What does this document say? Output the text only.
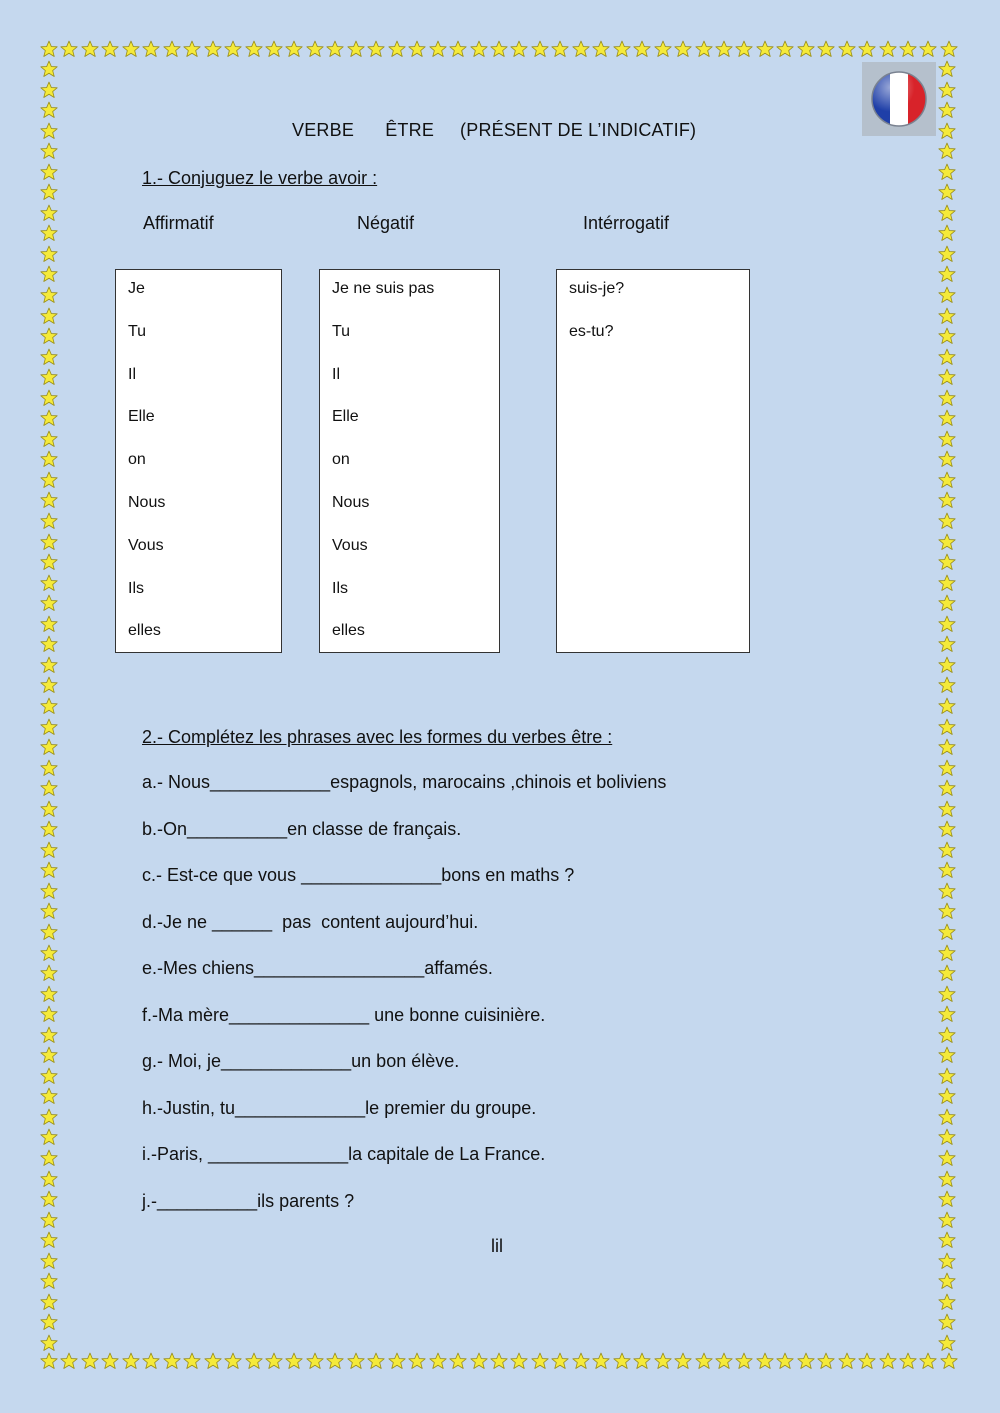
VERBE      ÊTRE     (PRÉSENT DE L’INDICATIF)
1.- Conjuguez le verbe avoir :
Affirmatif	Négatif	Intérrogatif
Je
Tu
Il
Elle
on
Nous
Vous
Ils
elles
Je ne suis pas
Tu
Il
Elle
on
Nous
Vous
Ils
elles
suis-je?
es-tu?
2.- Complétez les phrases avec les formes du verbes être :
a.- Nous____________espagnols, marocains ,chinois et boliviens
b.-On__________en classe de français.
c.- Est-ce que vous ______________bons en maths ?
d.-Je ne ______  pas  content aujourd’hui.
e.-Mes chiens_________________affamés.
f.-Ma mère______________ une bonne cuisinière.
g.- Moi, je_____________un bon élève.
h.-Justin, tu_____________le premier du groupe.
i.-Paris, ______________la capitale de La France.
j.-__________ils parents ?
lil
